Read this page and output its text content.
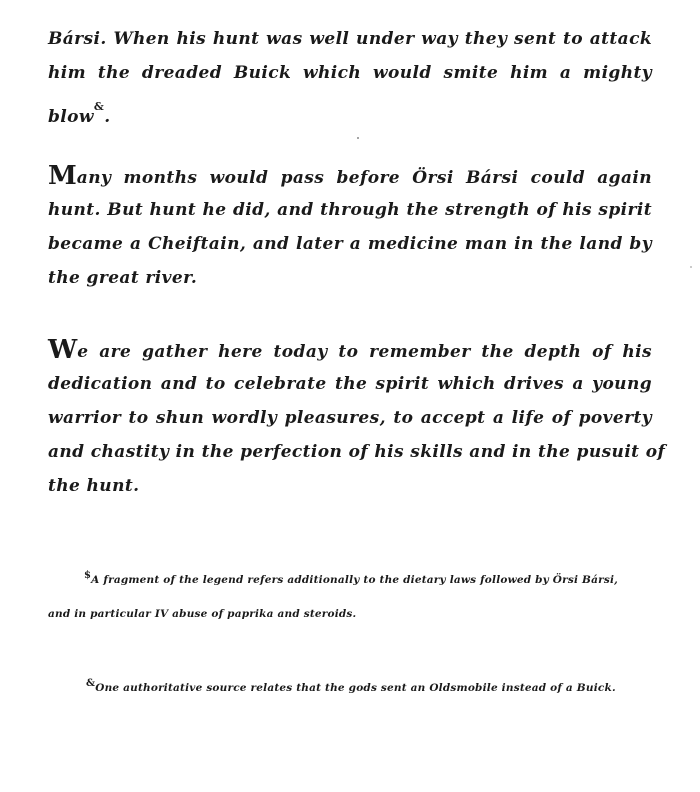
Bársi. When his hunt was well under way they sent to attack
him the dreaded Buick which would smite him a mighty
blow&.
Many months would pass before Örsi Bársi could again
hunt. But hunt he did, and through the strength of his spirit
became a Cheiftain, and later a medicine man in the land by
the great river.
We are gather here today to remember the depth of his
dedication and to celebrate the spirit which drives a young
warrior to shun wordly pleasures, to accept a life of poverty
and chastity in the perfection of his skills and in the pusuit of
the hunt.
$A fragment of the legend refers additionally to the dietary laws followed by Örsi Bársi,
and in particular IV abuse of paprika and steroids.
&One authoritative source relates that the gods sent an Oldsmobile instead of a Buick.
